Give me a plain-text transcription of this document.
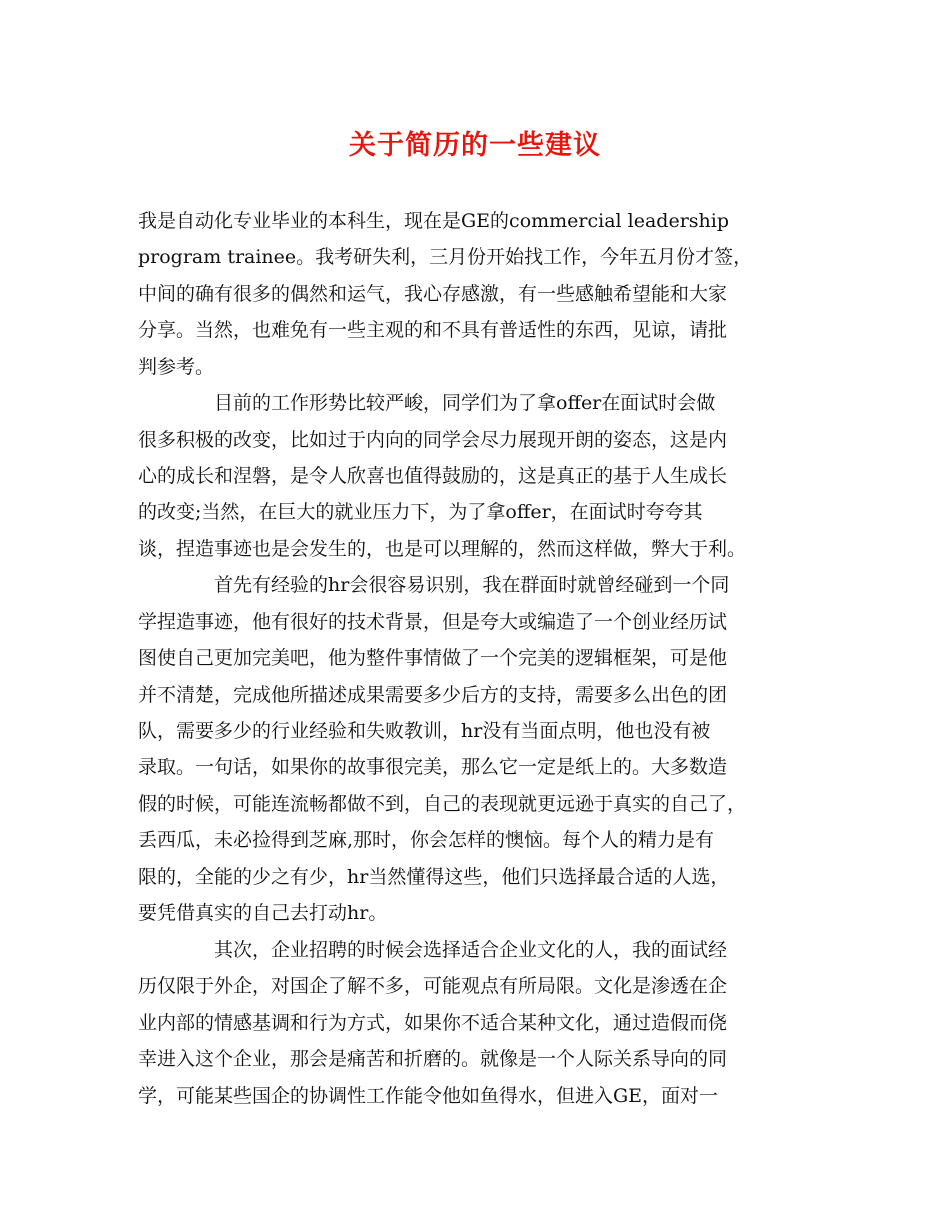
关于简历的一些建议
我是自动化专业毕业的本科生，现在是GE的commercial leadership
program trainee。我考研失利，三月份开始找工作，今年五月份才签，
中间的确有很多的偶然和运气，我心存感激，有一些感触希望能和大家
分享。当然，也难免有一些主观的和不具有普适性的东西，见谅，请批
判参考。
　　　　目前的工作形势比较严峻，同学们为了拿offer在面试时会做
很多积极的改变，比如过于内向的同学会尽力展现开朗的姿态，这是内
心的成长和涅磐，是令人欣喜也值得鼓励的，这是真正的基于人生成长
的改变;当然，在巨大的就业压力下，为了拿offer，在面试时夸夸其
谈，捏造事迹也是会发生的，也是可以理解的，然而这样做，弊大于利。
　　　　首先有经验的hr会很容易识别，我在群面时就曾经碰到一个同
学捏造事迹，他有很好的技术背景，但是夸大或编造了一个创业经历试
图使自己更加完美吧，他为整件事情做了一个完美的逻辑框架，可是他
并不清楚，完成他所描述成果需要多少后方的支持，需要多么出色的团
队，需要多少的行业经验和失败教训，hr没有当面点明，他也没有被
录取。一句话，如果你的故事很完美，那么它一定是纸上的。大多数造
假的时候，可能连流畅都做不到，自己的表现就更远逊于真实的自己了，
丢西瓜，未必捡得到芝麻,那时，你会怎样的懊恼。每个人的精力是有
限的，全能的少之有少，hr当然懂得这些，他们只选择最合适的人选，
要凭借真实的自己去打动hr。
　　　　其次，企业招聘的时候会选择适合企业文化的人，我的面试经
历仅限于外企，对国企了解不多，可能观点有所局限。文化是渗透在企
业内部的情感基调和行为方式，如果你不适合某种文化，通过造假而侥
幸进入这个企业，那会是痛苦和折磨的。就像是一个人际关系导向的同
学，可能某些国企的协调性工作能令他如鱼得水，但进入GE，面对一
